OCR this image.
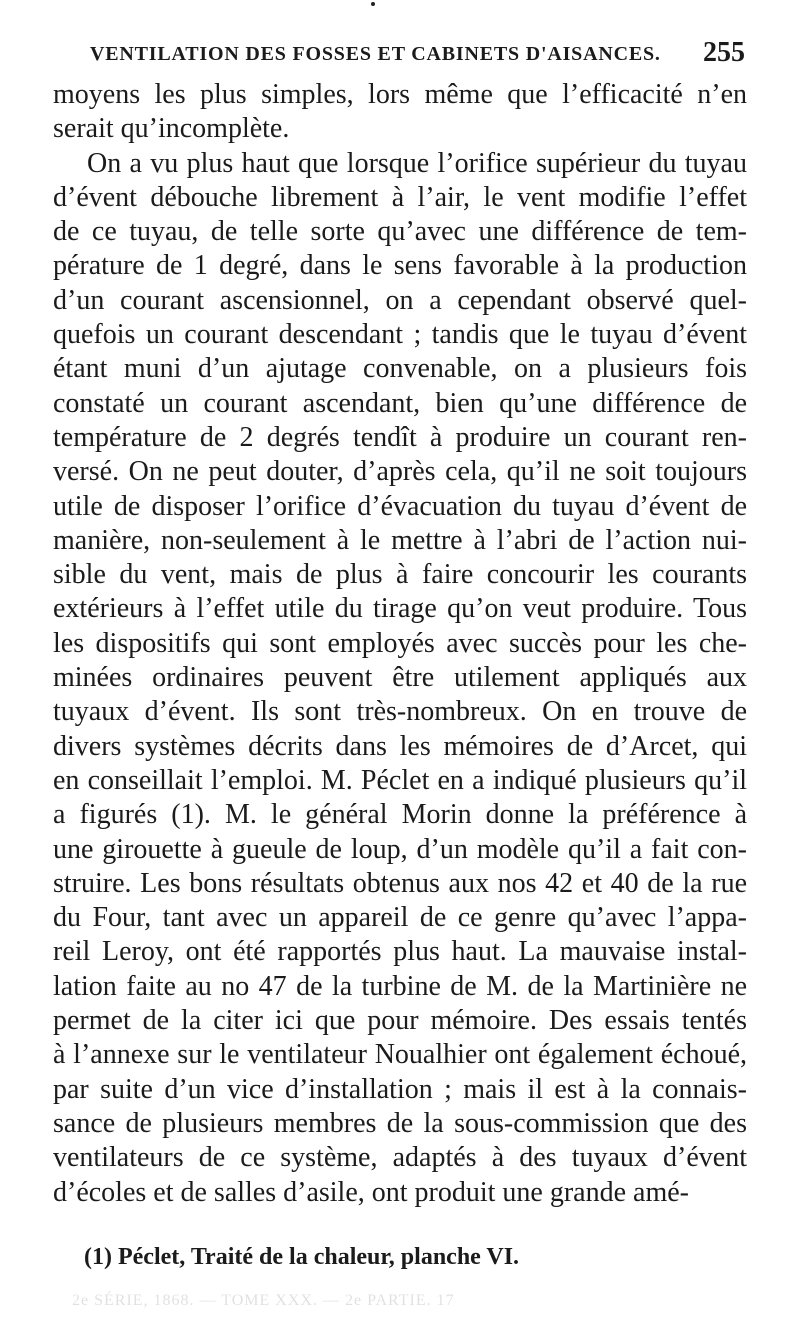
VENTILATION DES FOSSES ET CABINETS D'AISANCES. 255
moyens les plus simples, lors même que l’efficacité n’en
serait qu’incomplète.
On a vu plus haut que lorsque l’orifice supérieur du tuyau
d’évent débouche librement à l’air, le vent modifie l’effet
de ce tuyau, de telle sorte qu’avec une différence de tem-
pérature de 1 degré, dans le sens favorable à la production
d’un courant ascensionnel, on a cependant observé quel-
quefois un courant descendant ; tandis que le tuyau d’évent
étant muni d’un ajutage convenable, on a plusieurs fois
constaté un courant ascendant, bien qu’une différence de
température de 2 degrés tendît à produire un courant ren-
versé. On ne peut douter, d’après cela, qu’il ne soit toujours
utile de disposer l’orifice d’évacuation du tuyau d’évent de
manière, non-seulement à le mettre à l’abri de l’action nui-
sible du vent, mais de plus à faire concourir les courants
extérieurs à l’effet utile du tirage qu’on veut produire. Tous
les dispositifs qui sont employés avec succès pour les che-
minées ordinaires peuvent être utilement appliqués aux
tuyaux d’évent. Ils sont très-nombreux. On en trouve de
divers systèmes décrits dans les mémoires de d’Arcet, qui
en conseillait l’emploi. M. Péclet en a indiqué plusieurs qu’il
a figurés (1). M. le général Morin donne la préférence à
une girouette à gueule de loup, d’un modèle qu’il a fait con-
struire. Les bons résultats obtenus aux nos 42 et 40 de la rue
du Four, tant avec un appareil de ce genre qu’avec l’appa-
reil Leroy, ont été rapportés plus haut. La mauvaise instal-
lation faite au no 47 de la turbine de M. de la Martinière ne
permet de la citer ici que pour mémoire. Des essais tentés
à l’annexe sur le ventilateur Noualhier ont également échoué,
par suite d’un vice d’installation ; mais il est à la connais-
sance de plusieurs membres de la sous-commission que des
ventilateurs de ce système, adaptés à des tuyaux d’évent
d’écoles et de salles d’asile, ont produit une grande amé-
(1) Péclet, Traité de la chaleur, planche VI.
2e SÉRIE, 1868. — TOME XXX. — 2e PARTIE. 17
